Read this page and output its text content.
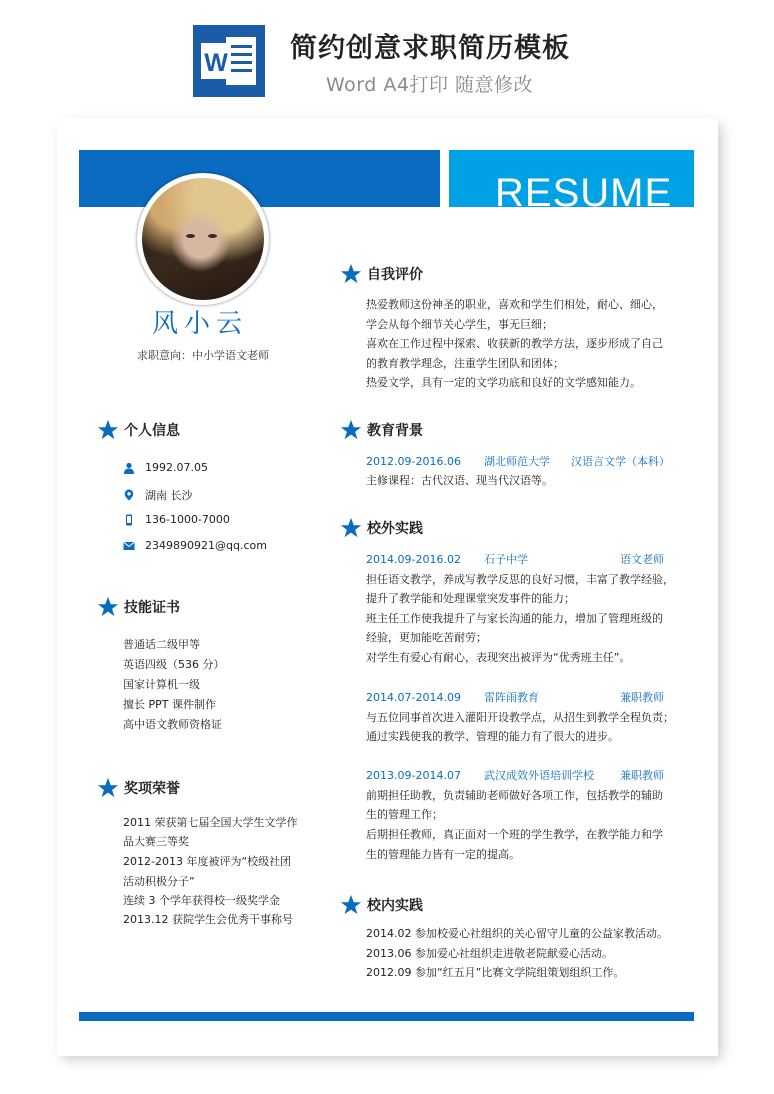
W 简约创意求职简历模板
Word A4打印 随意修改
RESUME
风小云
求职意向：中小学语文老师
个人信息
1992.07.05
湖南 长沙
136-1000-7000
2349890921@qq.com
技能证书
普通话二级甲等
英语四级（536 分）
国家计算机一级
擅长 PPT 课件制作
高中语文教师资格证
奖项荣誉
2011 荣获第七届全国大学生文学作
品大赛三等奖
2012-2013 年度被评为“校级社团
活动积极分子”
连续 3 个学年获得校一级奖学金
2013.12 获院学生会优秀干事称号
自我评价
热爱教师这份神圣的职业，喜欢和学生们相处，耐心、细心，
学会从每个细节关心学生，事无巨细；
喜欢在工作过程中探索、收获新的教学方法，逐步形成了自己
的教育教学理念，注重学生团队和团体；
热爱文学，具有一定的文学功底和良好的文学感知能力。
教育背景
2012.09-2016.06 湖北师范大学 汉语言文学（本科）
主修课程：古代汉语、现当代汉语等。
校外实践
2014.09-2016.02 石子中学	语文老师
担任语文教学，养成写教学反思的良好习惯，丰富了教学经验，
提升了教学能和处理课堂突发事件的能力；
班主任工作使我提升了与家长沟通的能力，增加了管理班级的
经验，更加能吃苦耐劳；
对学生有爱心有耐心，表现突出被评为“优秀班主任”。
2014.07-2014.09 雷阵雨教育	兼职教师
与五位同事首次进入灌阳开设教学点，从招生到教学全程负责；
通过实践使我的教学、管理的能力有了很大的进步。
2013.09-2014.07 武汉成效外语培训学校 兼职教师
前期担任助教，负责辅助老师做好各项工作，包括教学的辅助
生的管理工作；
后期担任教师，真正面对一个班的学生教学，在教学能力和学
生的管理能力皆有一定的提高。
校内实践
2014.02 参加校爱心社组织的关心留守儿童的公益家教活动。
2013.06 参加爱心社组织走进敬老院献爱心活动。
2012.09 参加“红五月”比赛文学院组策划组织工作。
